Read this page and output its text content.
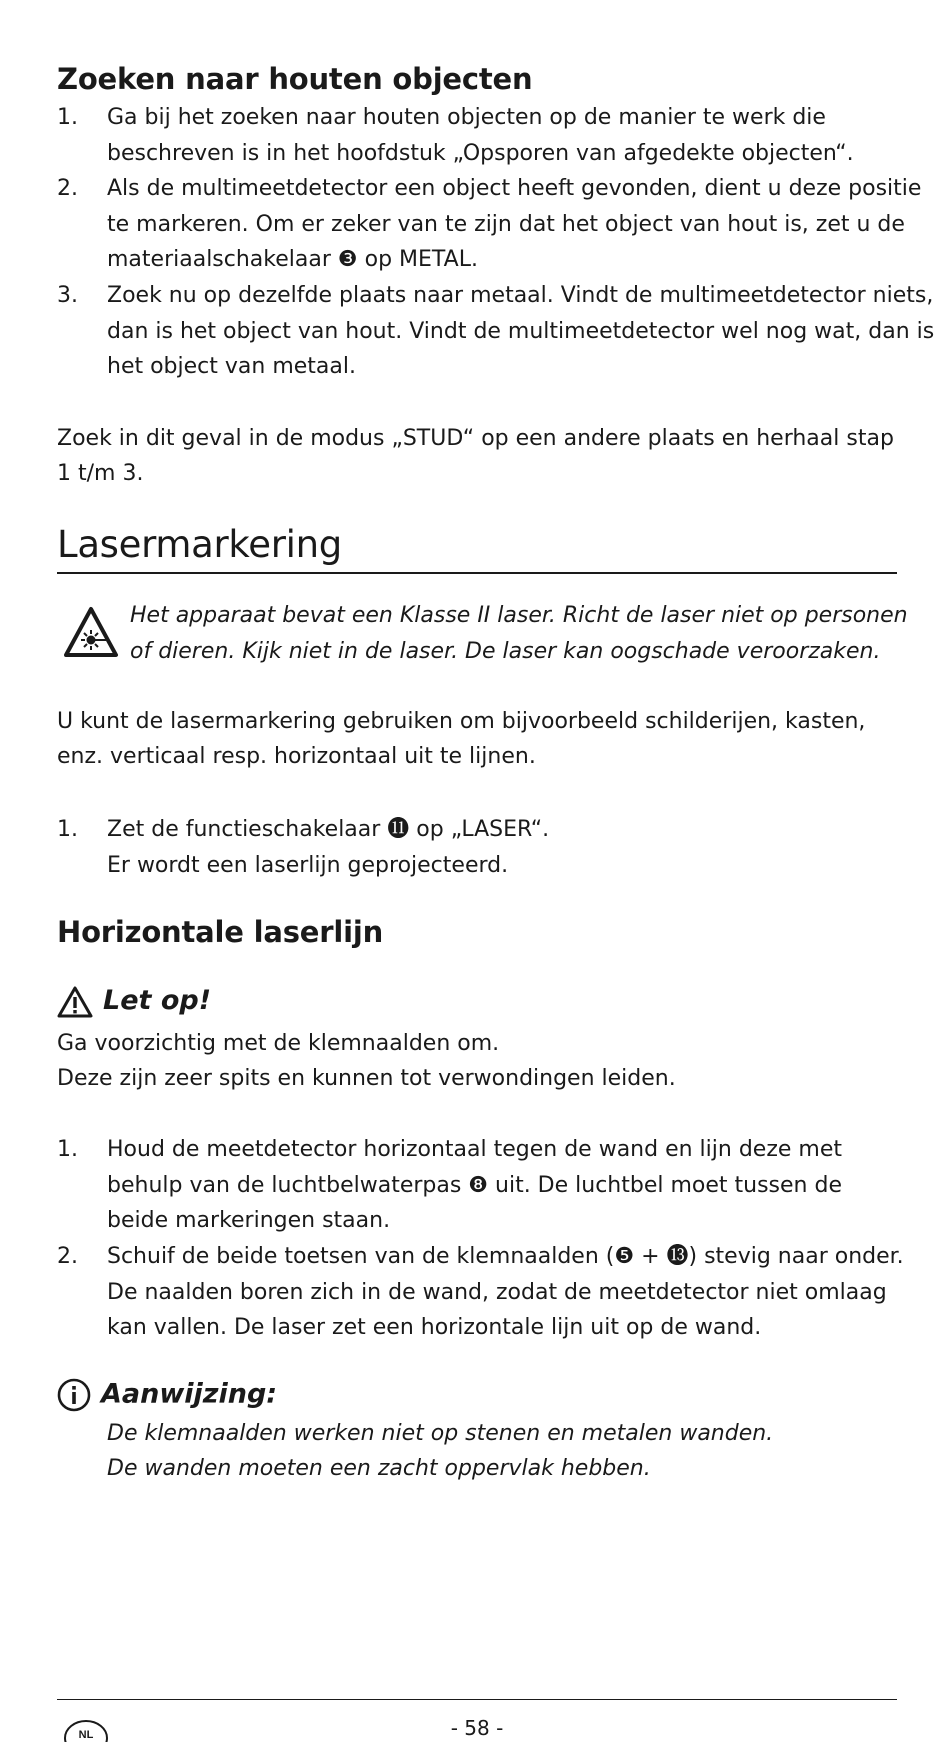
Zoeken naar houten objecten
1. Ga bij het zoeken naar houten objecten op de manier te werk die
beschreven is in het hoofdstuk „Opsporen van afgedekte objecten“.
2. Als de multimeetdetector een object heeft gevonden, dient u deze positie
te markeren. Om er zeker van te zijn dat het object van hout is, zet u de
materiaalschakelaar ❸ op METAL.
3. Zoek nu op dezelfde plaats naar metaal. Vindt de multimeetdetector niets,
dan is het object van hout. Vindt de multimeetdetector wel nog wat, dan is
het object van metaal.
Zoek in dit geval in de modus „STUD“ op een andere plaats en herhaal stap
1 t/m 3.
Lasermarkering
Het apparaat bevat een Klasse II laser. Richt de laser niet op personen
of dieren. Kijk niet in de laser. De laser kan oogschade veroorzaken.
U kunt de lasermarkering gebruiken om bijvoorbeeld schilderijen, kasten,
enz. verticaal resp. horizontaal uit te lijnen.
1. Zet de functieschakelaar ⓫ op „LASER“.
Er wordt een laserlijn geprojecteerd.
Horizontale laserlijn
Let op!
Ga voorzichtig met de klemnaalden om.
Deze zijn zeer spits en kunnen tot verwondingen leiden.
1. Houd de meetdetector horizontaal tegen de wand en lijn deze met
behulp van de luchtbelwaterpas ❽ uit. De luchtbel moet tussen de
beide markeringen staan.
2. Schuif de beide toetsen van de klemnaalden (❺ + ⓭) stevig naar onder.
De naalden boren zich in de wand, zodat de meetdetector niet omlaag
kan vallen. De laser zet een horizontale lijn uit op de wand.
Aanwijzing:
De klemnaalden werken niet op stenen en metalen wanden.
De wanden moeten een zacht oppervlak hebben.
NL	- 58 -
